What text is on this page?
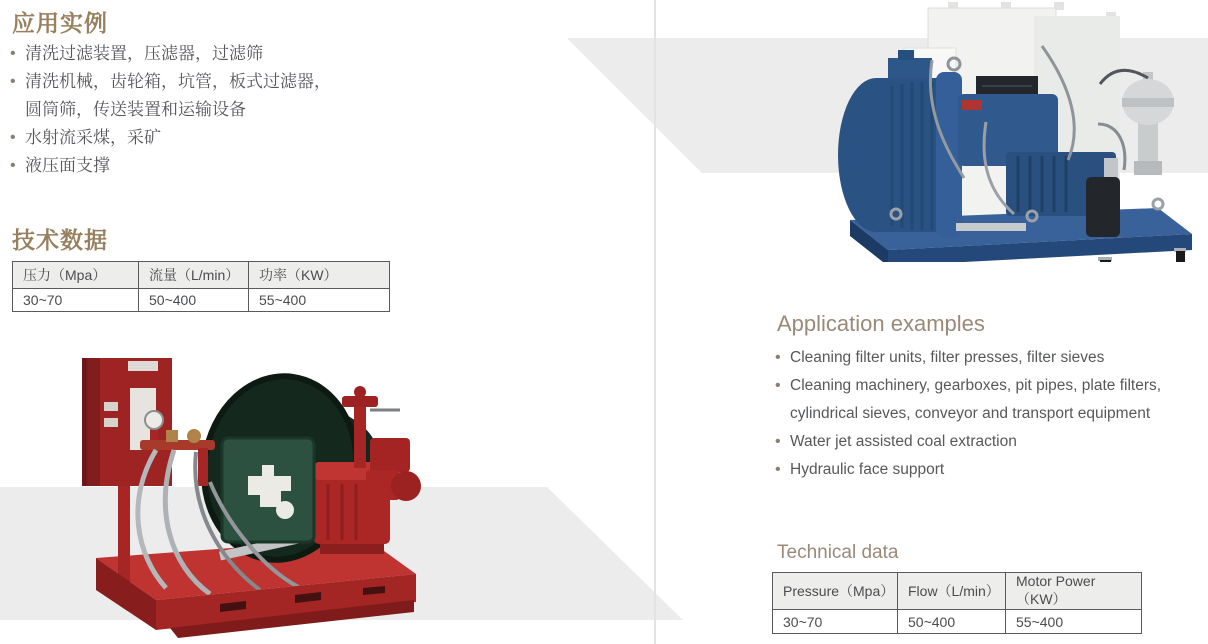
应用实例
• 清洗过滤装置，压滤器，过滤筛
• 清洗机械，齿轮箱，坑管，板式过滤器，
圆筒筛，传送装置和运输设备
• 水射流采煤，采矿
• 液压面支撑
技术数据
压力（Mpa）	流量（L/min）	功率（KW）
30~70	50~400	55~400
Application examples
• Cleaning filter units, filter presses, filter sieves
• Cleaning machinery, gearboxes, pit pipes, plate filters,
cylindrical sieves, conveyor and transport equipment
• Water jet assisted coal extraction
• Hydraulic face support
Technical data
Pressure（Mpa）	Flow（L/min）	Motor Power（KW）
30~70	50~400	55~400
